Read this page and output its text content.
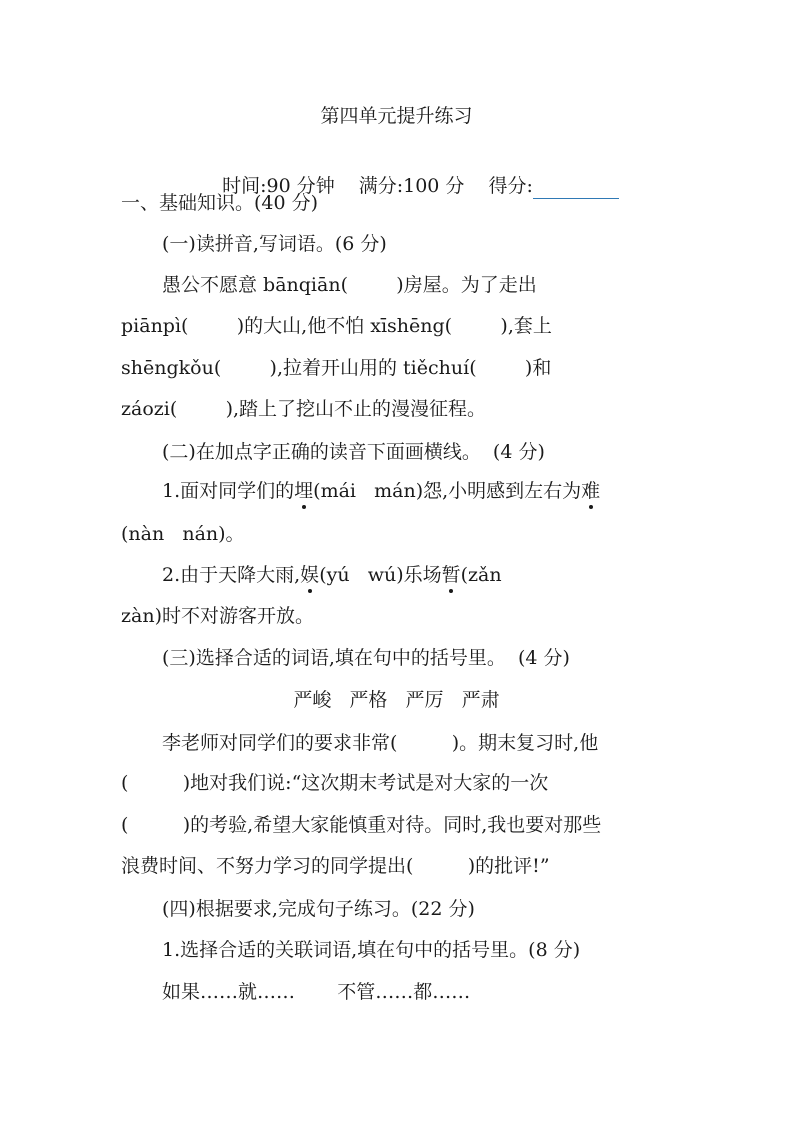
第四单元提升练习

时间:90 分钟 满分:100 分 得分:

一、基础知识。(40 分)
(一)读拼音,写词语。(6 分)
愚公不愿意 bānqiān(        )房屋。为了走出
piānpì(        )的大山,他不怕 xīshēng(        ),套上
shēngkǒu(        ),拉着开山用的 tiěchuí(        )和
záozi(        ),踏上了挖山不止的漫漫征程。
(二)在加点字正确的读音下面画横线。  (4 分)
1.面对同学们的埋(mái   mán)怨,小明感到左右为难
(nàn   nán)。
2.由于天降大雨,娱(yú   wú)乐场暂(zǎn
zàn)时不对游客开放。
(三)选择合适的词语,填在句中的括号里。  (4 分)
严峻   严格   严厉   严肃
李老师对同学们的要求非常(         )。期末复习时,他
(         )地对我们说:“这次期末考试是对大家的一次
(         )的考验,希望大家能慎重对待。同时,我也要对那些
浪费时间、不努力学习的同学提出(         )的批评!”
(四)根据要求,完成句子练习。(22 分)
1.选择合适的关联词语,填在句中的括号里。(8 分)
如果……就……       不管……都……
